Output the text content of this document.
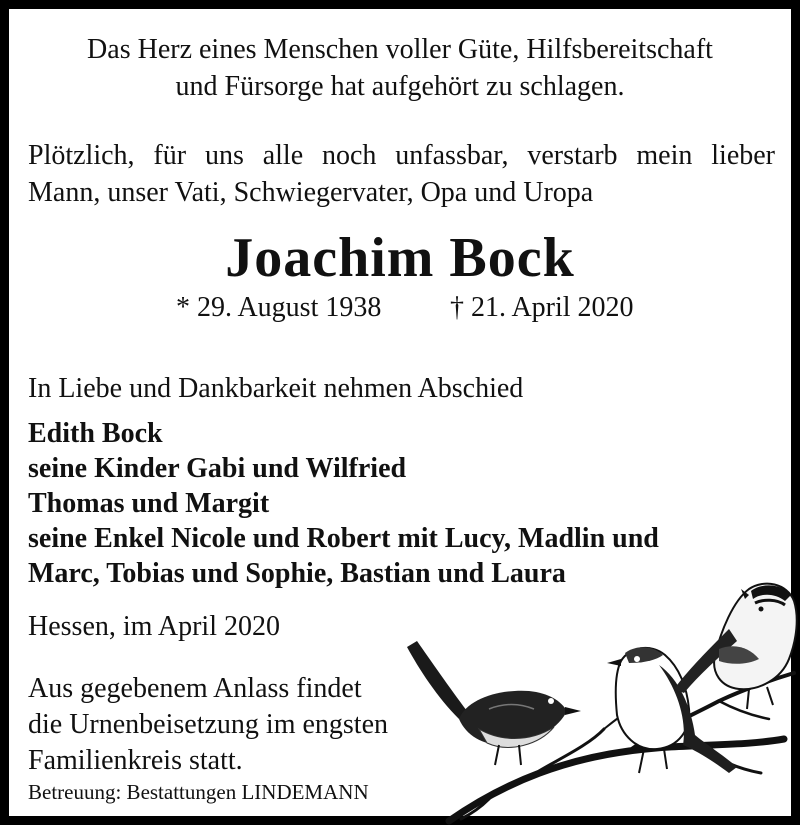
Das Herz eines Menschen voller Güte, Hilfsbereitschaft
und Fürsorge hat aufgehört zu schlagen.
Plötzlich, für uns alle noch unfassbar, verstarb mein lieber
Mann, unser Vati, Schwiegervater, Opa und Uropa
Joachim Bock
* 29. August 1938 † 21. April 2020
In Liebe und Dankbarkeit nehmen Abschied
Edith Bock
seine Kinder Gabi und Wilfried
Thomas und Margit
seine Enkel Nicole und Robert mit Lucy, Madlin und
Marc, Tobias und Sophie, Bastian und Laura
Hessen, im April 2020
Aus gegebenem Anlass findet
die Urnenbeisetzung im engsten
Familienkreis statt.
Betreuung: Bestattungen LINDEMANN
